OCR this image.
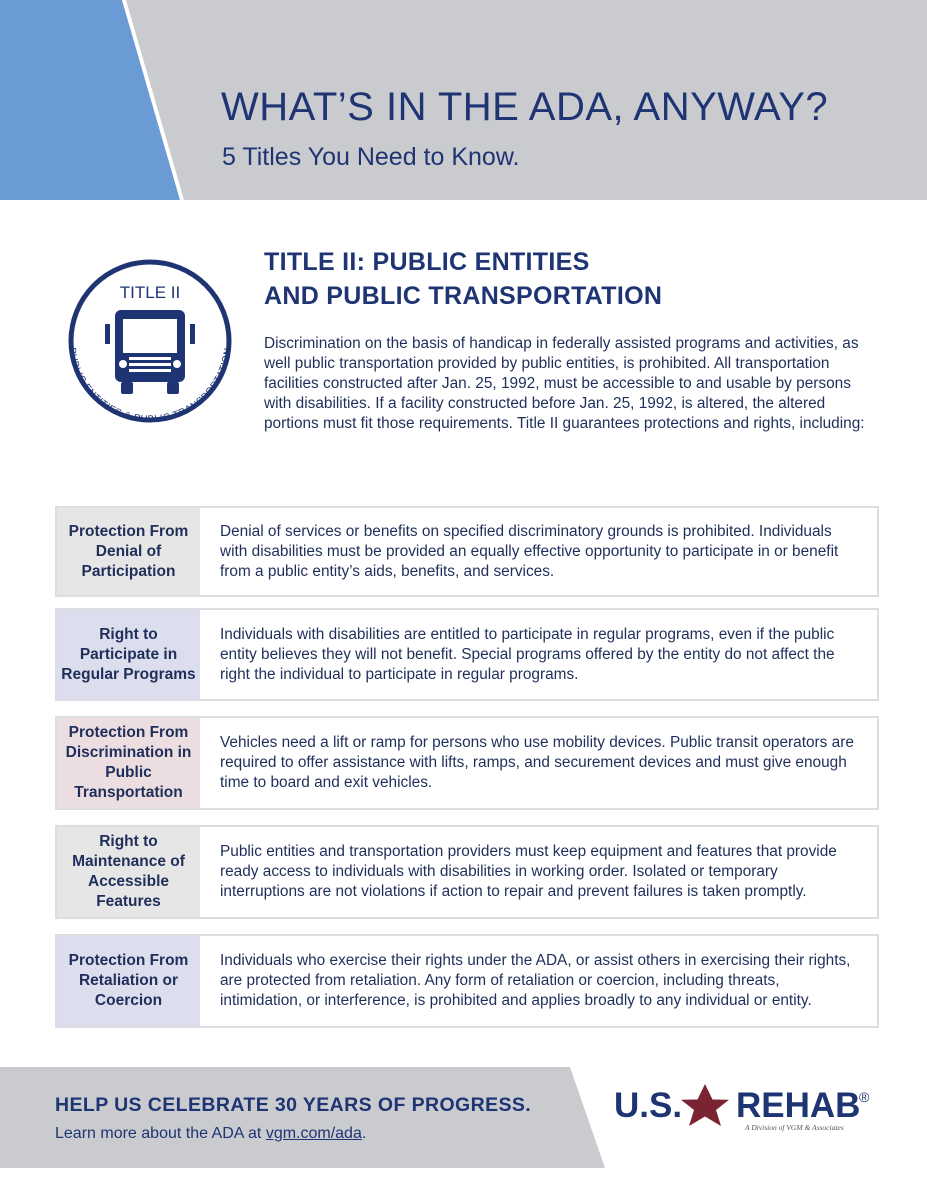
WHAT’S IN THE ADA, ANYWAY?
5 Titles You Need to Know.
TITLE II
PUBLIC ENTITIES & PUBLIC TRANSPORTATION
TITLE II: PUBLIC ENTITIES
AND PUBLIC TRANSPORTATION

Discrimination on the basis of handicap in federally assisted programs and activities, as well public transportation provided by public entities, is prohibited. All transportation facilities constructed after Jan. 25, 1992, must be accessible to and usable by persons with disabilities. If a facility constructed before Jan. 25, 1992, is altered, the altered portions must fit those requirements. Title II guarantees protections and rights, including:

Protection From Denial of Participation
Denial of services or benefits on specified discriminatory grounds is prohibited. Individuals with disabilities must be provided an equally effective opportunity to participate in or benefit from a public entity’s aids, benefits, and services.
Right to Participate in Regular Programs
Individuals with disabilities are entitled to participate in regular programs, even if the public entity believes they will not benefit. Special programs offered by the entity do not affect the right the individual to participate in regular programs.
Protection From Discrimination in Public Transportation
Vehicles need a lift or ramp for persons who use mobility devices. Public transit operators are required to offer assistance with lifts, ramps, and securement devices and must give enough time to board and exit vehicles.
Right to Maintenance of Accessible Features
Public entities and transportation providers must keep equipment and features that provide ready access to individuals with disabilities in working order. Isolated or temporary interruptions are not violations if action to repair and prevent failures is taken promptly.
Protection From Retaliation or Coercion
Individuals who exercise their rights under the ADA, or assist others in exercising their rights, are protected from retaliation. Any form of retaliation or coercion, including threats, intimidation, or interference, is prohibited and applies broadly to any individual or entity.
HELP US CELEBRATE 30 YEARS OF PROGRESS.
Learn more about the ADA at vgm.com/ada.
U.S. REHAB
®
A Division of VGM & Associates
